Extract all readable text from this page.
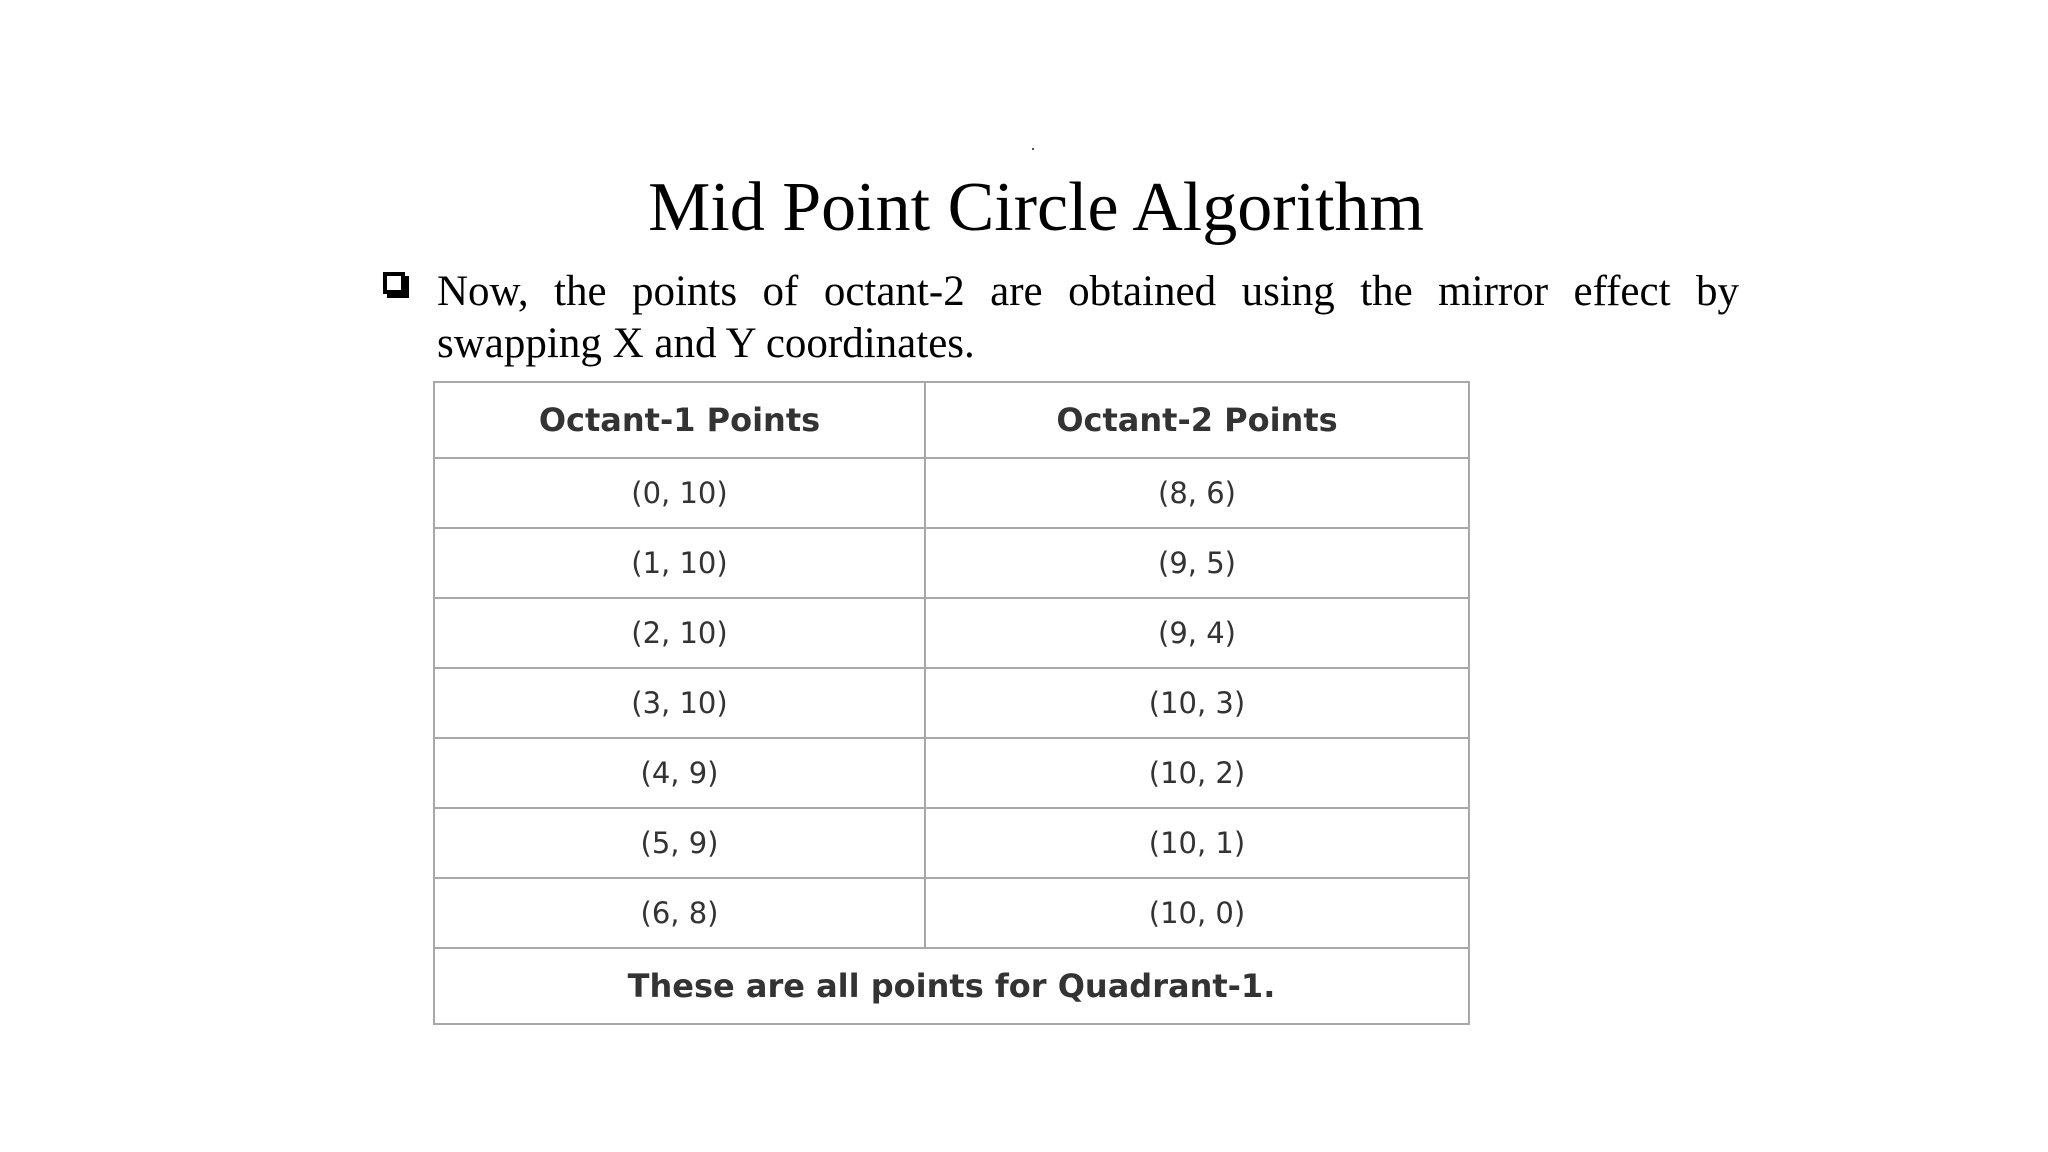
Mid Point Circle Algorithm
Now, the points of octant-2 are obtained using the mirror effect by swapping X and Y coordinates.
Octant-1 Points	Octant-2 Points
(0, 10)	(8, 6)
(1, 10)	(9, 5)
(2, 10)	(9, 4)
(3, 10)	(10, 3)
(4, 9)	(10, 2)
(5, 9)	(10, 1)
(6, 8)	(10, 0)
These are all points for Quadrant-1.	
